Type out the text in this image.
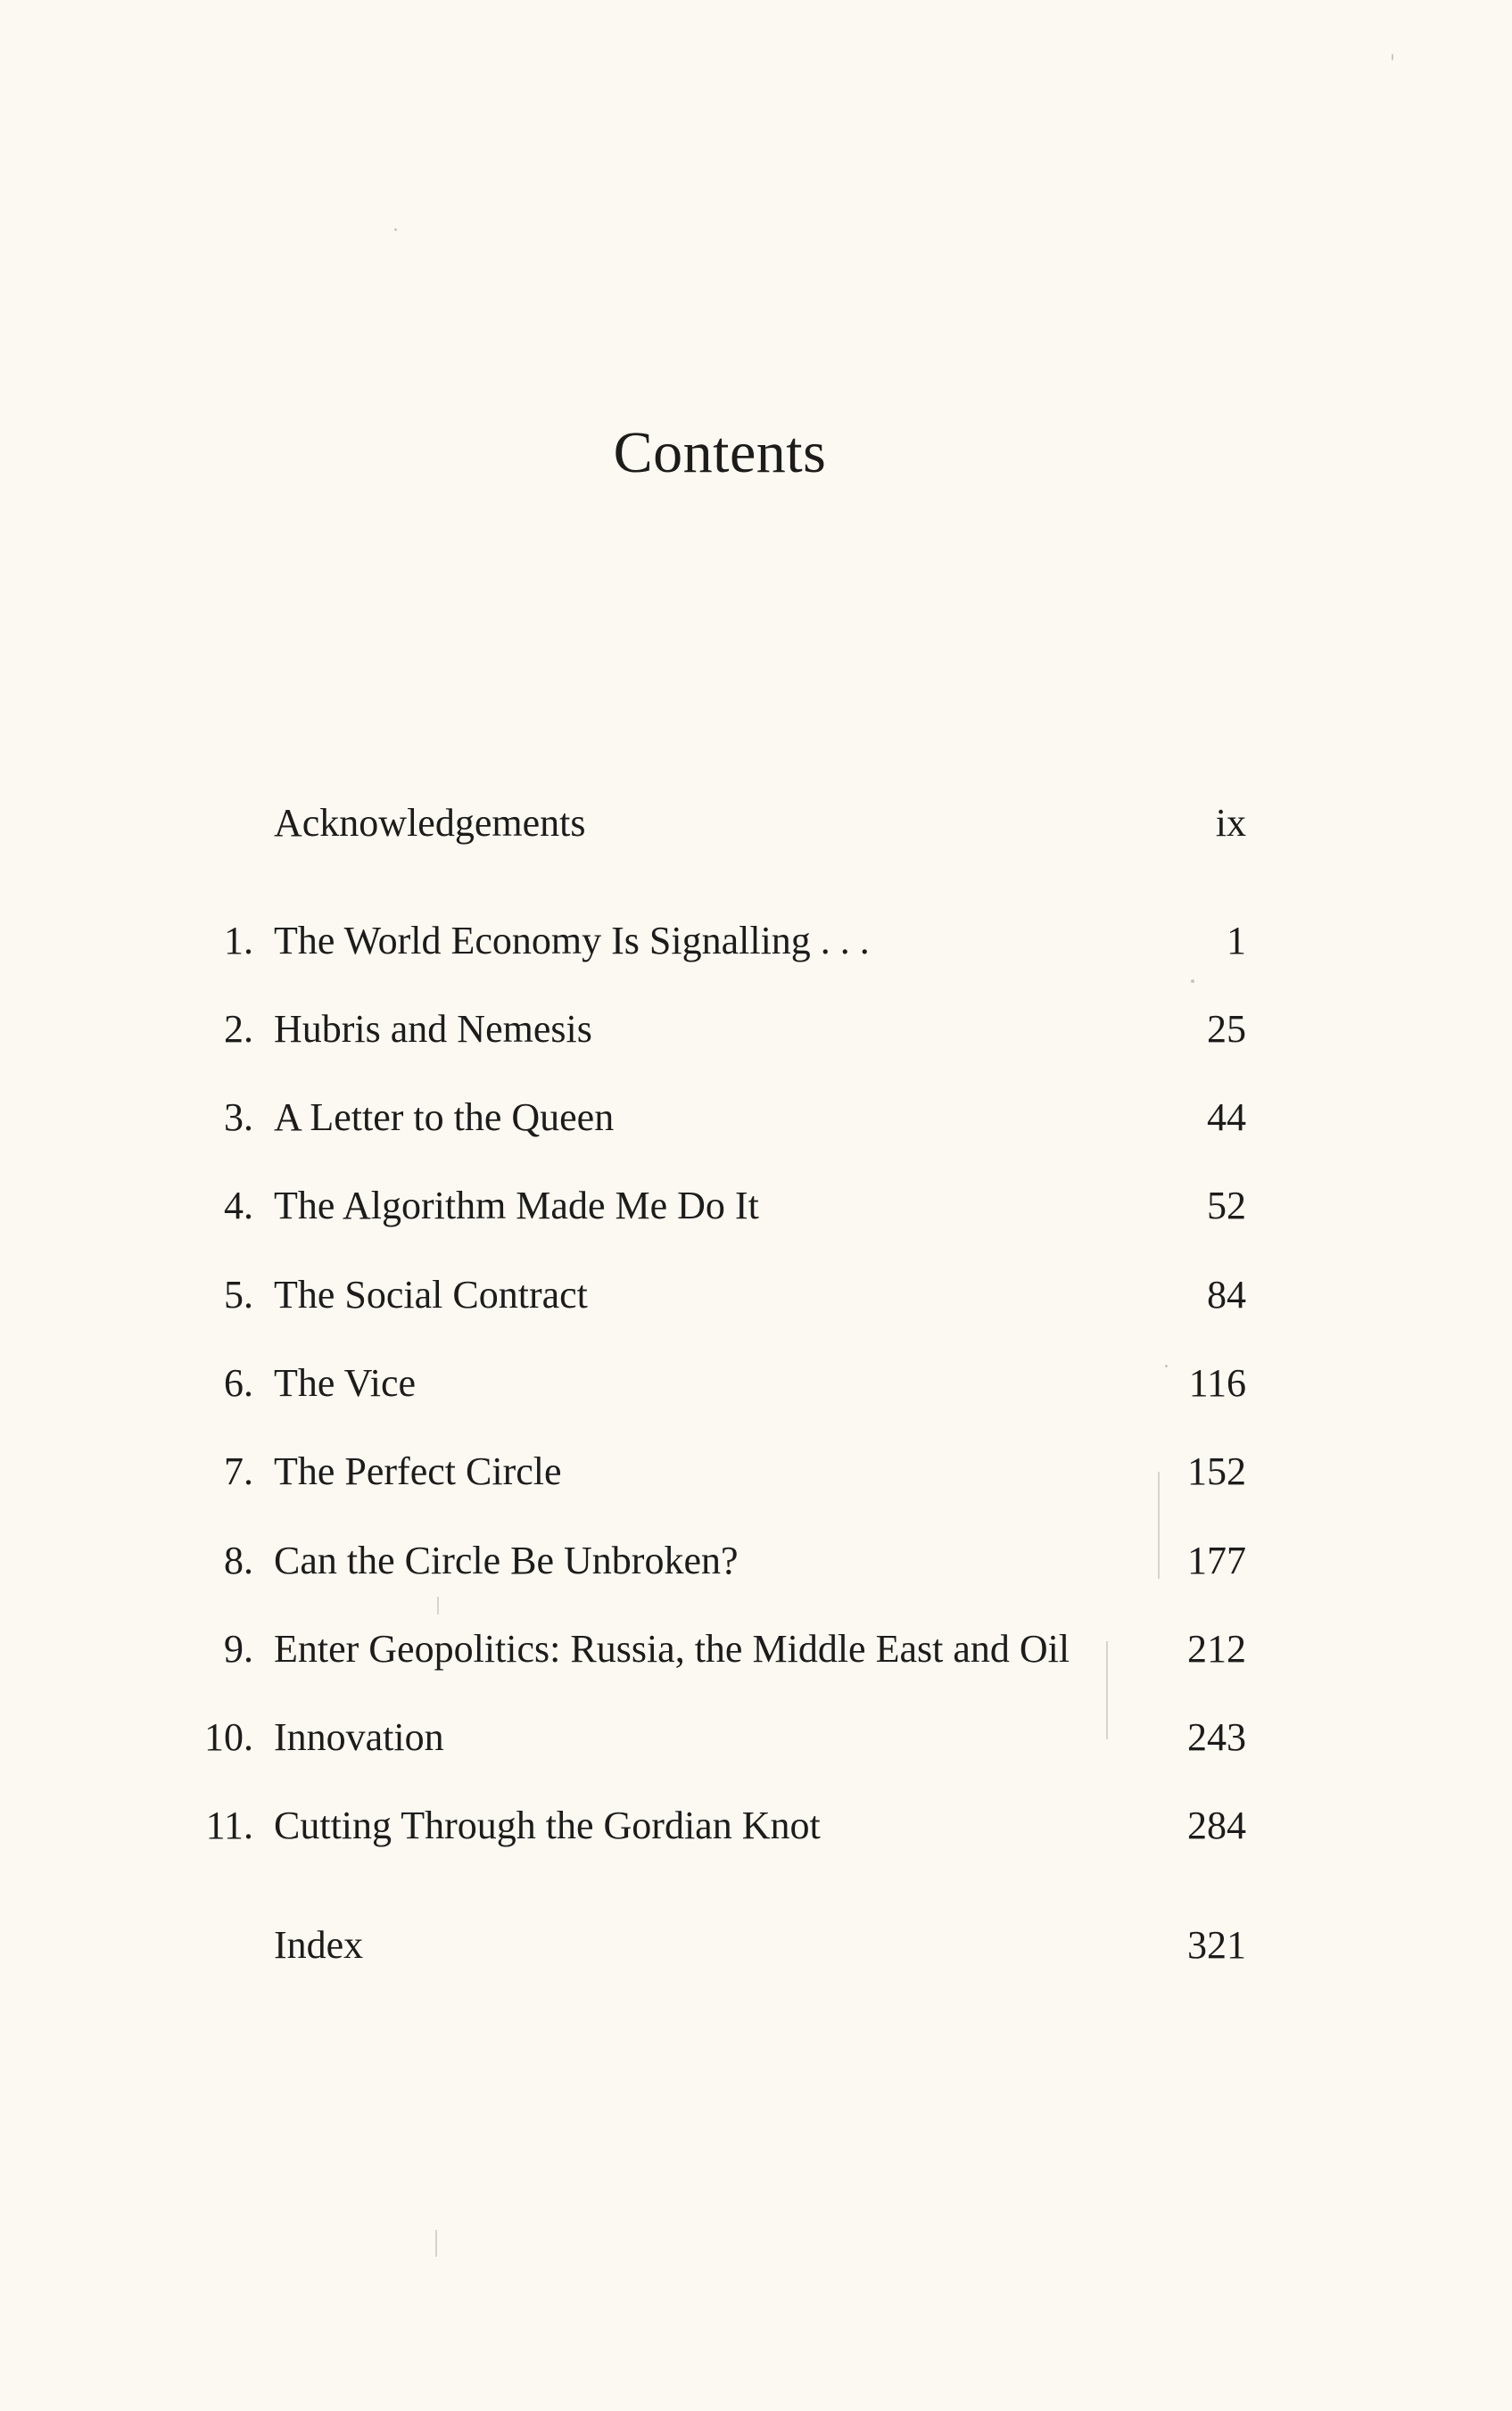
Contents
Acknowledgements	ix
1. The World Economy Is Signalling . . .	1
2. Hubris and Nemesis	25
3. A Letter to the Queen	44
4. The Algorithm Made Me Do It	52
5. The Social Contract	84
6. The Vice	116
7. The Perfect Circle	152
8. Can the Circle Be Unbroken?	177
9. Enter Geopolitics: Russia, the Middle East and Oil	212
10. Innovation	243
11. Cutting Through the Gordian Knot	284
Index	321
